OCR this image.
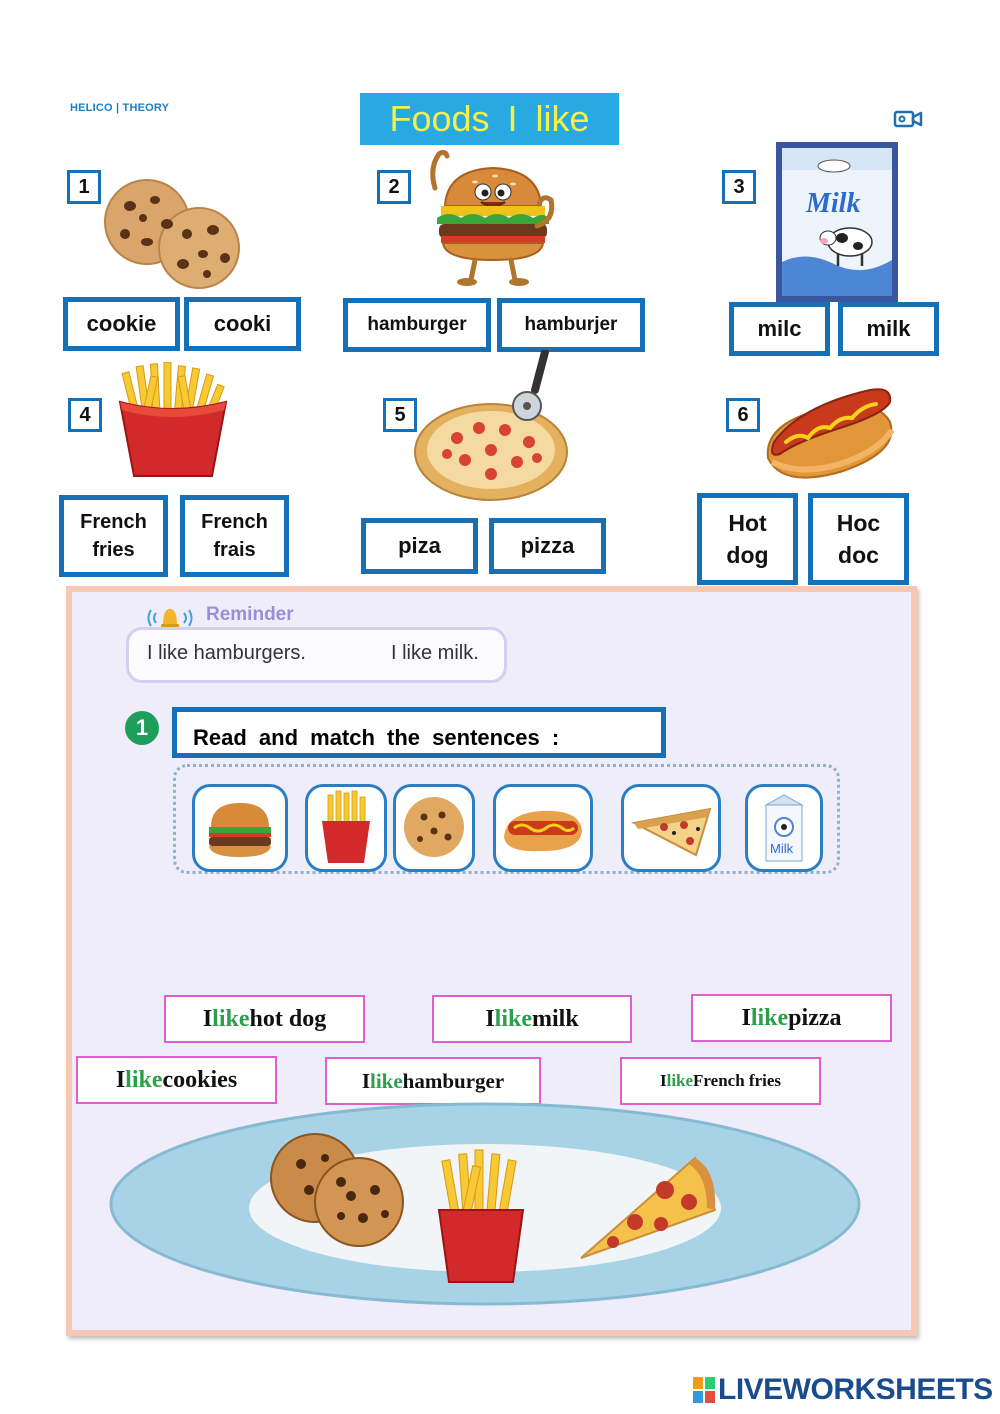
HELICO | THEORY	Foods I like
1
cookie	cooki
2
hamburger	hamburjer
3
Milk
milc	milk
4
French
fries
French
frais
5
piza	pizza
6
Hot
dog
Hoc
doc
Reminder
I like hamburgers.	I like milk.
1	Read and match the sentences :
Milk
I like hot dog	I like milk	I like pizza
I like cookies	I like hamburger	I like French fries
LIVEWORKSHEETS
